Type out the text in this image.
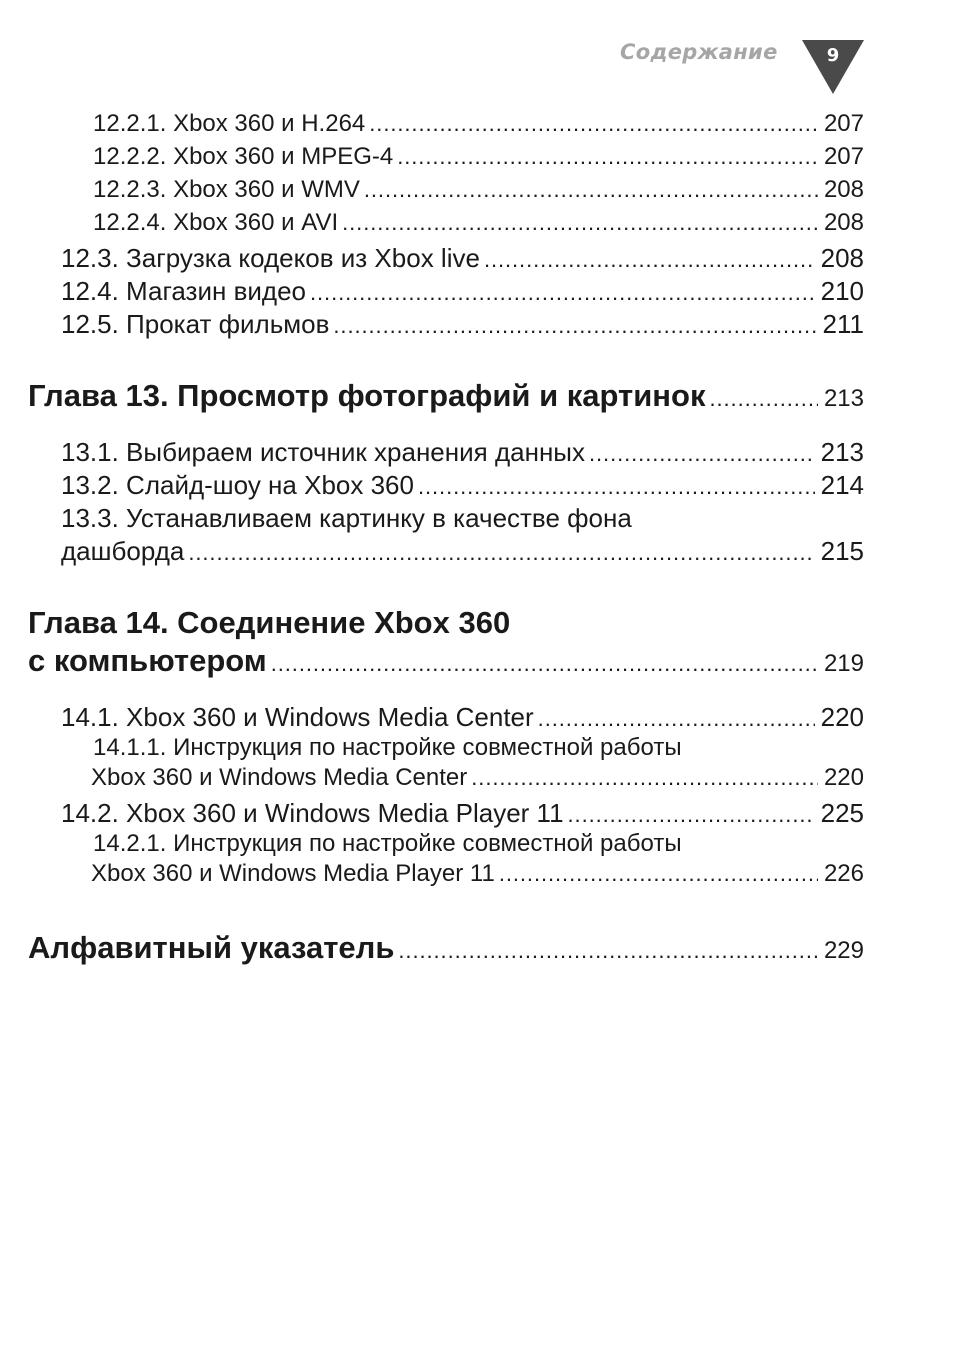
Содержание	9
12.2.1. Xbox 360 и H.264 . . .	207
12.2.2. Xbox 360 и MPEG-4 . . .	207
12.2.3. Xbox 360 и WMV . . .	208
12.2.4. Xbox 360 и AVI . . .	208
12.3. Загрузка кодеков из Xbox live . . .	208
12.4. Магазин видео . . .	210
12.5. Прокат фильмов . . .	211
Глава 13. Просмотр фотографий и картинок . . .	213
13.1. Выбираем источник хранения данных . . .	213
13.2. Слайд-шоу на Xbox 360 . . .	214
13.3. Устанавливаем картинку в качестве фона
дашборда . . .	215
Глава 14. Соединение Xbox 360
с компьютером . . .	219
14.1. Xbox 360 и Windows Media Center . . .	220
14.1.1. Инструкция по настройке совместной работы
Xbox 360 и Windows Media Center . . .	220
14.2. Xbox 360 и Windows Media Player 11 . . .	225
14.2.1. Инструкция по настройке совместной работы
Xbox 360 и Windows Media Player 11 . . .	226
Алфавитный указатель . . .	229
